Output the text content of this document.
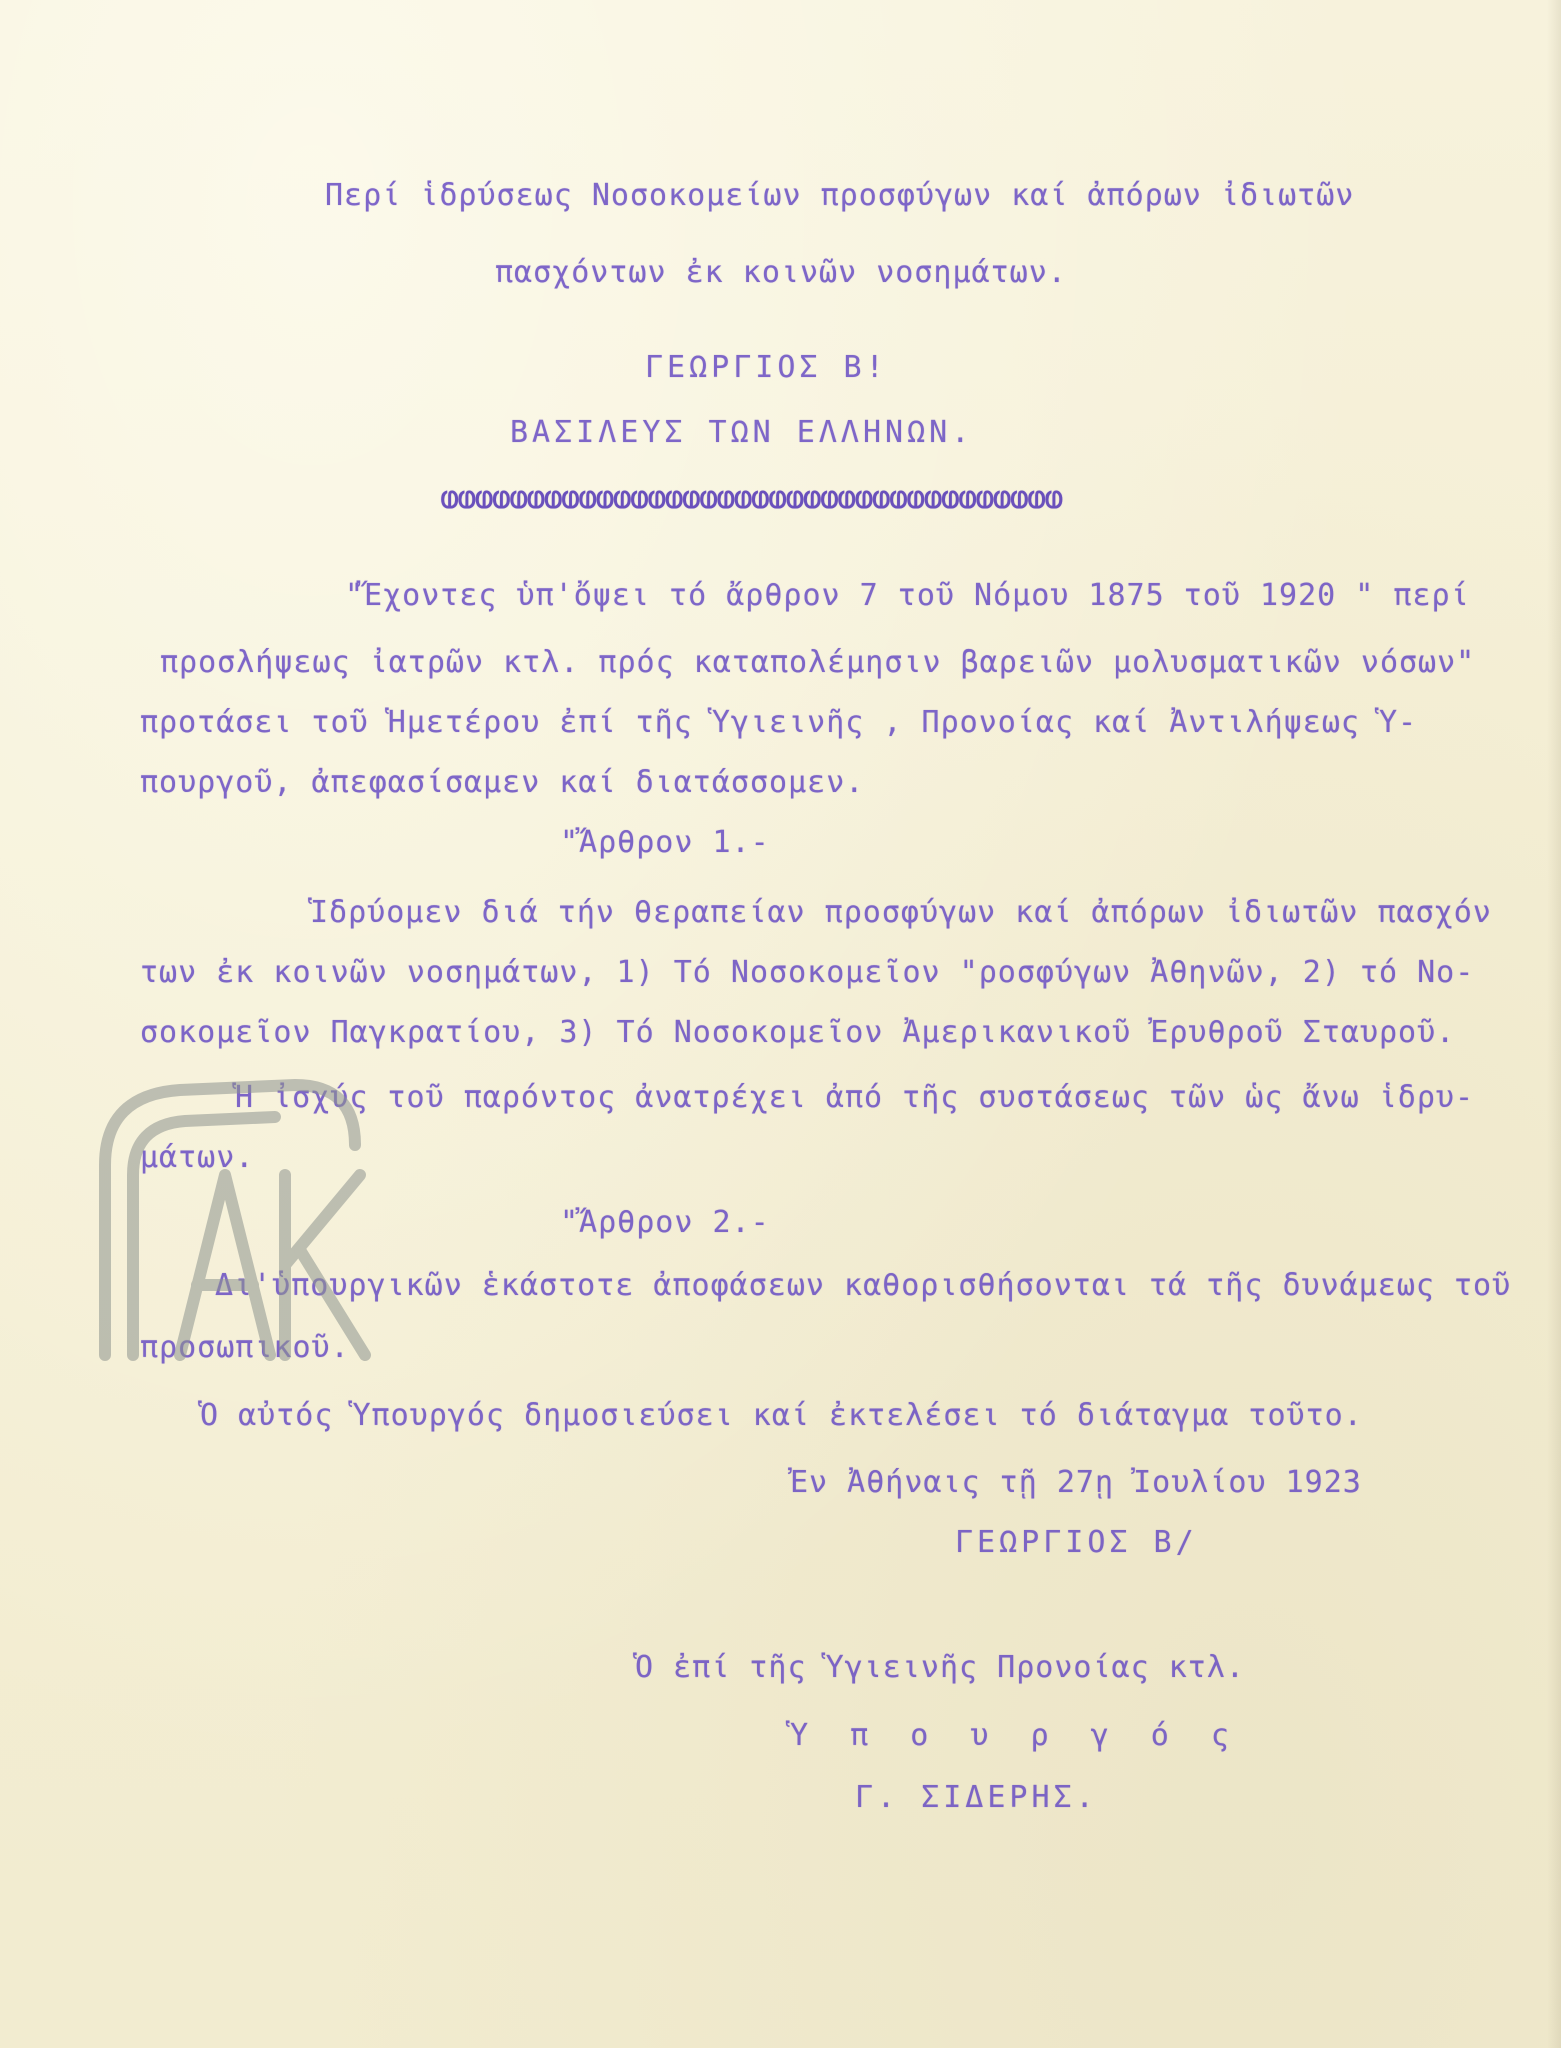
Περί ἱδρύσεως Νοσοκομείων προσφύγων καί ἀπόρων ἰδιωτῶν

πασχόντων ἐκ κοινῶν νοσημάτων.

ΓΕΩΡΓΙΟΣ Β!

ΒΑΣΙΛΕΥΣ ΤΩΝ ΕΛΛΗΝΩΝ.

ⱷⱷⱷⱷⱷⱷⱷⱷⱷⱷⱷⱷⱷⱷⱷⱷⱷⱷⱷⱷⱷⱷⱷⱷⱷⱷⱷⱷⱷⱷⱷⱷⱷⱷⱷⱷ

"Ἔχοντες ὑπ'ὄψει τό ἄρθρον 7 τοῦ Νόμου 1875 τοῦ 1920 " περί

προσλήψεως ἰατρῶν κτλ. πρός καταπολέμησιν βαρειῶν μολυσματικῶν νόσων"

προτάσει τοῦ Ἡμετέρου ἐπί τῆς Ὑγιεινῆς , Προνοίας καί Ἀντιλήψεως Ὑ-

πουργοῦ, ἀπεφασίσαμεν καί διατάσσομεν.

"Ἄρθρον 1.-

Ἱδρύομεν διά τήν θεραπείαν προσφύγων καί ἀπόρων ἰδιωτῶν πασχόν

των ἐκ κοινῶν νοσημάτων, 1) Τό Νοσοκομεῖον "ροσφύγων Ἀθηνῶν, 2) τό Νο-

σοκομεῖον Παγκρατίου, 3) Τό Νοσοκομεῖον Ἀμερικανικοῦ Ἐρυθροῦ Σταυροῦ.

Ἡ ἰσχύς τοῦ παρόντος ἀνατρέχει ἀπό τῆς συστάσεως τῶν ὡς ἄνω ἱδρυ-

μάτων.

"Ἄρθρον 2.-

Δι'ὑπουργικῶν ἑκάστοτε ἀποφάσεων καθορισθήσονται τά τῆς δυνάμεως τοῦ

προσωπικοῦ.

Ὁ αὐτός Ὑπουργός δημοσιεύσει καί ἐκτελέσει τό διάταγμα τοῦτο.

Ἐν Ἀθήναις τῇ 27ῃ Ἰουλίου 1923

ΓΕΩΡΓΙΟΣ Β/

Ὁ ἐπί τῆς Ὑγιεινῆς Προνοίας κτλ.

Ὑ π ο υ ρ γ ό ς

Γ. ΣΙΔΕΡΗΣ.
